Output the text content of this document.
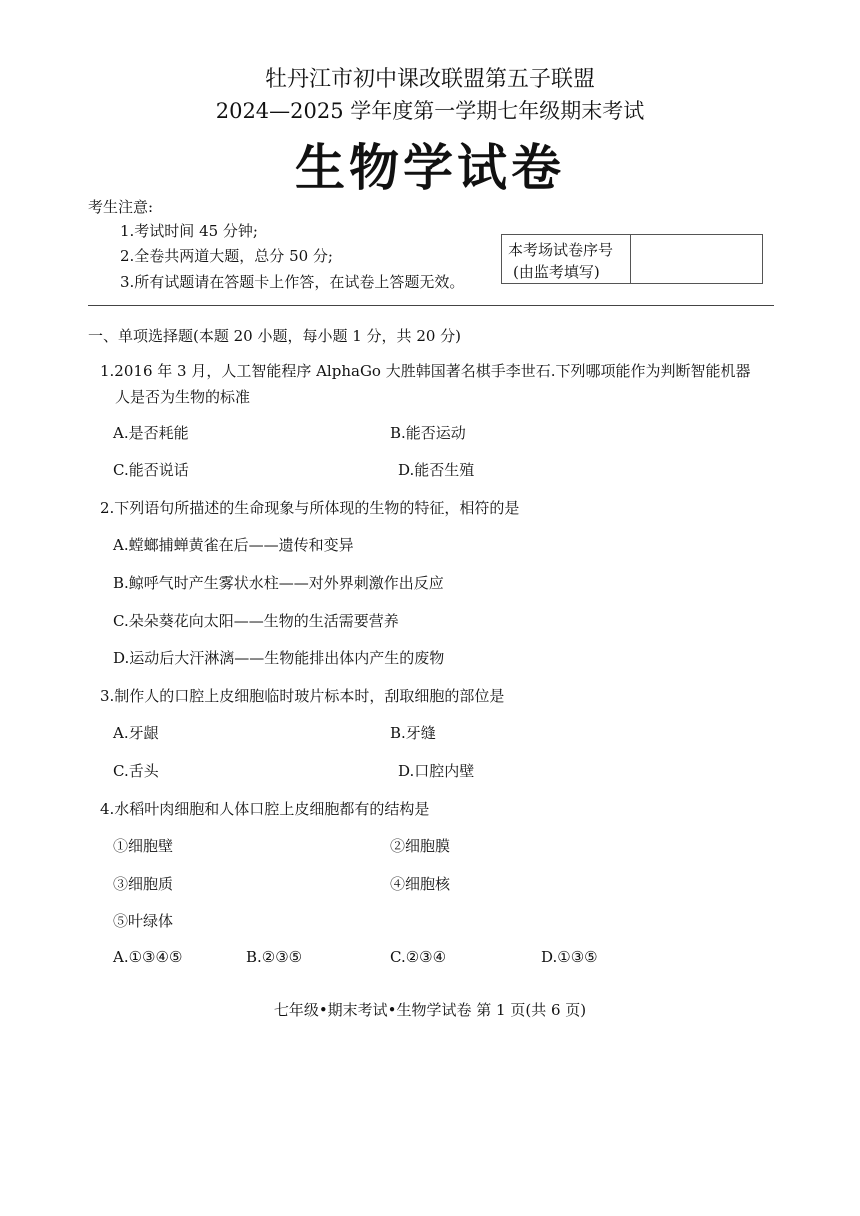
牡丹江市初中课改联盟第五子联盟
2024—2025 学年度第一学期七年级期末考试
生物学试卷
考生注意:
1.考试时间 45 分钟;
2.全卷共两道大题，总分 50 分;
3.所有试题请在答题卡上作答，在试卷上答题无效。
本考场试卷序号
(由监考填写)
一、单项选择题(本题 20 小题，每小题 1 分，共 20 分)
1.2016 年 3 月，人工智能程序 AlphaGo 大胜韩国著名棋手李世石.下列哪项能作为判断智能机器
人是否为生物的标准
A.是否耗能	B.能否运动
C.能否说话	D.能否生殖
2.下列语句所描述的生命现象与所体现的生物的特征，相符的是
A.螳螂捕蝉黄雀在后——遗传和变异
B.鲸呼气时产生雾状水柱——对外界刺激作出反应
C.朵朵葵花向太阳——生物的生活需要营养
D.运动后大汗淋漓——生物能排出体内产生的废物
3.制作人的口腔上皮细胞临时玻片标本时，刮取细胞的部位是
A.牙龈	B.牙缝
C.舌头	D.口腔内壁
4.水稻叶肉细胞和人体口腔上皮细胞都有的结构是
①细胞壁	②细胞膜
③细胞质	④细胞核
⑤叶绿体
A.①③④⑤	B.②③⑤	C.②③④	D.①③⑤
七年级•期末考试•生物学试卷 第 1 页(共 6 页)
